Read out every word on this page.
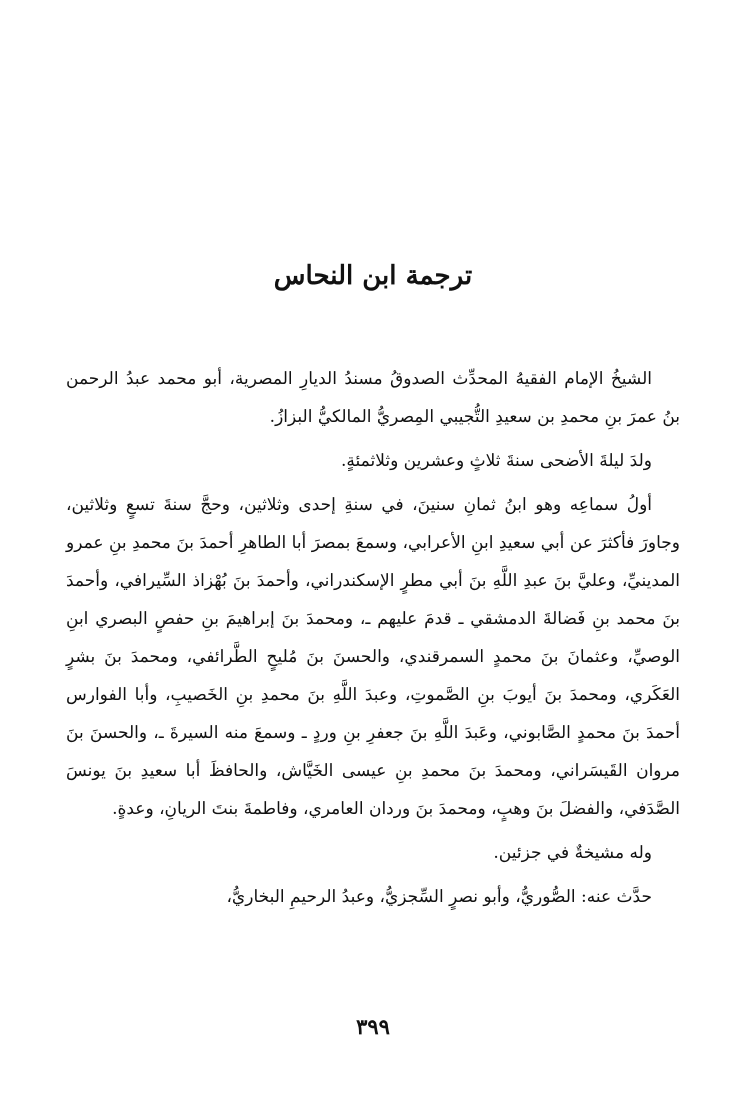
ترجمة ابن النحاس

الشيخُ الإمام الفقيهُ المحدِّث الصدوقُ مسندُ الديارِ المصرية، أبو محمد عبدُ الرحمن بنُ عمرَ بنِ محمدِ بن سعيدِ التُّجيبي المِصريُّ المالكيُّ البزازُ.

ولدَ ليلةَ الأضحى سنةَ ثلاثٍ وعشرين وثلاثمئةٍ.

أولُ سماعِه وهو ابنُ ثمانِ سنينَ، في سنةِ إحدى وثلاثين، وحجَّ سنةَ تسعٍ وثلاثين، وجاورَ فأكثرَ عن أبي سعيدِ ابنِ الأعرابي، وسمعَ بمصرَ أبا الطاهرِ أحمدَ بنَ محمدِ بنِ عمرو المدينيِّ، وعليَّ بنَ عبدِ اللَّهِ بنَ أبي مطرٍ الإسكندراني، وأحمدَ بنَ بُهْزاذ السِّيرافي، وأحمدَ بنَ محمد بنِ فَضالةَ الدمشقي ـ قدمَ عليهم ـ، ومحمدَ بنَ إبراهيمَ بنِ حفصٍ البصري ابنِ الوصيِّ، وعثمانَ بنَ محمدٍ السمرقندي، والحسنَ بنَ مُليحٍ الطَّرائفي، ومحمدَ بنَ بشرٍ العَكَري، ومحمدَ بنَ أيوبَ بنِ الصَّموتِ، وعبدَ اللَّهِ بنَ محمدِ بنِ الخَصيبِ، وأبا الفوارس أحمدَ بنَ محمدٍ الصَّابوني، وعَبدَ اللَّهِ بنَ جعفرِ بنِ وردٍ ـ وسمعَ منه السيرةَ ـ، والحسنَ بنَ مروان القَيسَراني، ومحمدَ بنَ محمدِ بنِ عيسى الخَيَّاش، والحافظَ أبا سعيدِ بنَ يونسَ الصَّدَفي، والفضلَ بنَ وهبٍ، ومحمدَ بنَ وردان العامري، وفاطمةَ بنتَ الريانِ، وعدةٍ.

وله مشيخةٌ في جزئين.

حدَّث عنه: الصُّوريُّ، وأبو نصرٍ السِّجزيُّ، وعبدُ الرحيمِ البخاريُّ،

٣٩٩
